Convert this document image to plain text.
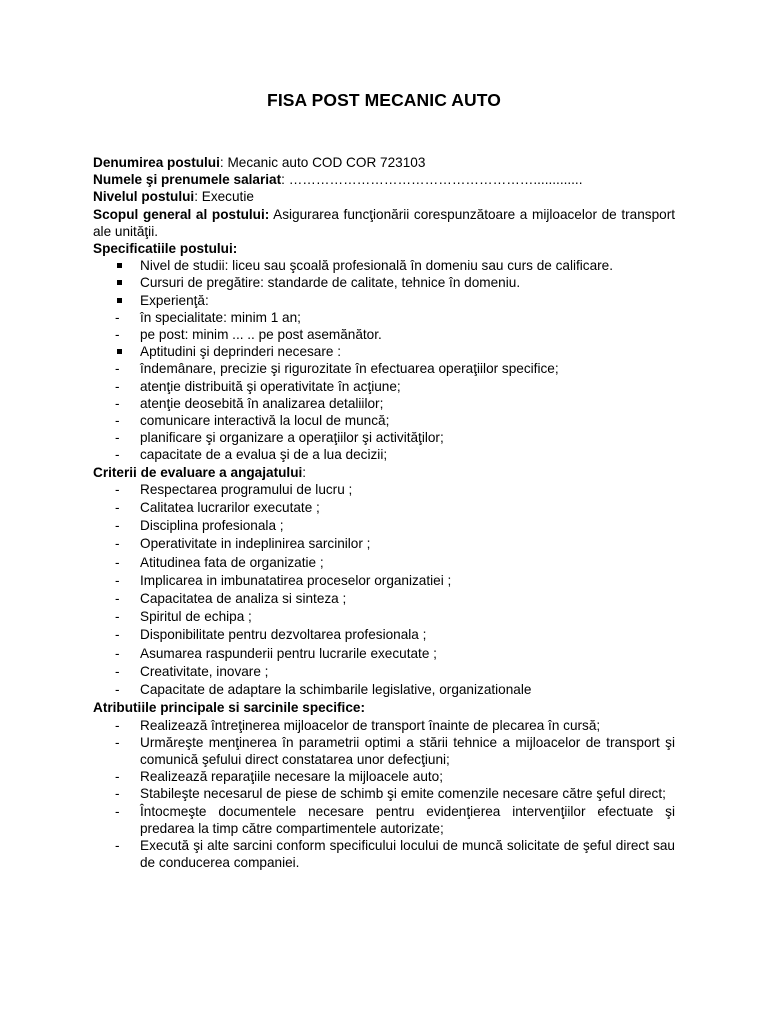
FISA POST MECANIC AUTO

Denumirea postului: Mecanic auto COD COR 723103

Numele şi prenumele salariat: ……………………………………………….............

Nivelul postului: Executie

Scopul general al postului: Asigurarea funcţionării corespunzătoare a mijloacelor de transport ale unităţii.

Specificatiile postului:

Nivel de studii: liceu sau şcoală profesională în domeniu sau curs de calificare.
Cursuri de pregătire: standarde de calitate, tehnice în domeniu.
Experienţă:
-	în specialitate: minim 1 an;
-	pe post: minim ... .. pe post asemănător.
Aptitudini şi deprinderi necesare :
-	îndemânare, precizie şi rigurozitate în efectuarea operaţiilor specifice;
-	atenţie distribuită şi operativitate în acţiune;
-	atenţie deosebită în analizarea detaliilor;
-	comunicare interactivă la locul de muncă;
-	planificare şi organizare a operaţiilor şi activităţilor;
-	capacitate de a evalua şi de a lua decizii;

Criterii de evaluare a angajatului:

-	Respectarea programului de lucru ;
-	Calitatea lucrarilor executate ;
-	Disciplina profesionala ;
-	Operativitate in indeplinirea sarcinilor ;
-	Atitudinea fata de organizatie ;
-	Implicarea in imbunatatirea proceselor organizatiei ;
-	Capacitatea de analiza si sinteza ;
-	Spiritul de echipa ;
-	Disponibilitate pentru dezvoltarea profesionala ;
-	Asumarea raspunderii pentru lucrarile executate ;
-	Creativitate, inovare ;
-	Capacitate de adaptare la schimbarile legislative, organizationale

Atributiile principale si sarcinile specifice:

-	Realizează întreţinerea mijloacelor de transport înainte de plecarea în cursă;
-	Urmăreşte menţinerea în parametrii optimi a stării tehnice a mijloacelor de transport şi comunică şefului direct constatarea unor defecţiuni;
-	Realizează reparaţiile necesare la mijloacele auto;
-	Stabileşte necesarul de piese de schimb şi emite comenzile necesare către şeful direct;
-	Întocmeşte documentele necesare pentru evidenţierea intervenţiilor efectuate şi predarea la timp către compartimentele autorizate;
-	Execută şi alte sarcini conform specificului locului de muncă solicitate de şeful direct sau de conducerea companiei.
